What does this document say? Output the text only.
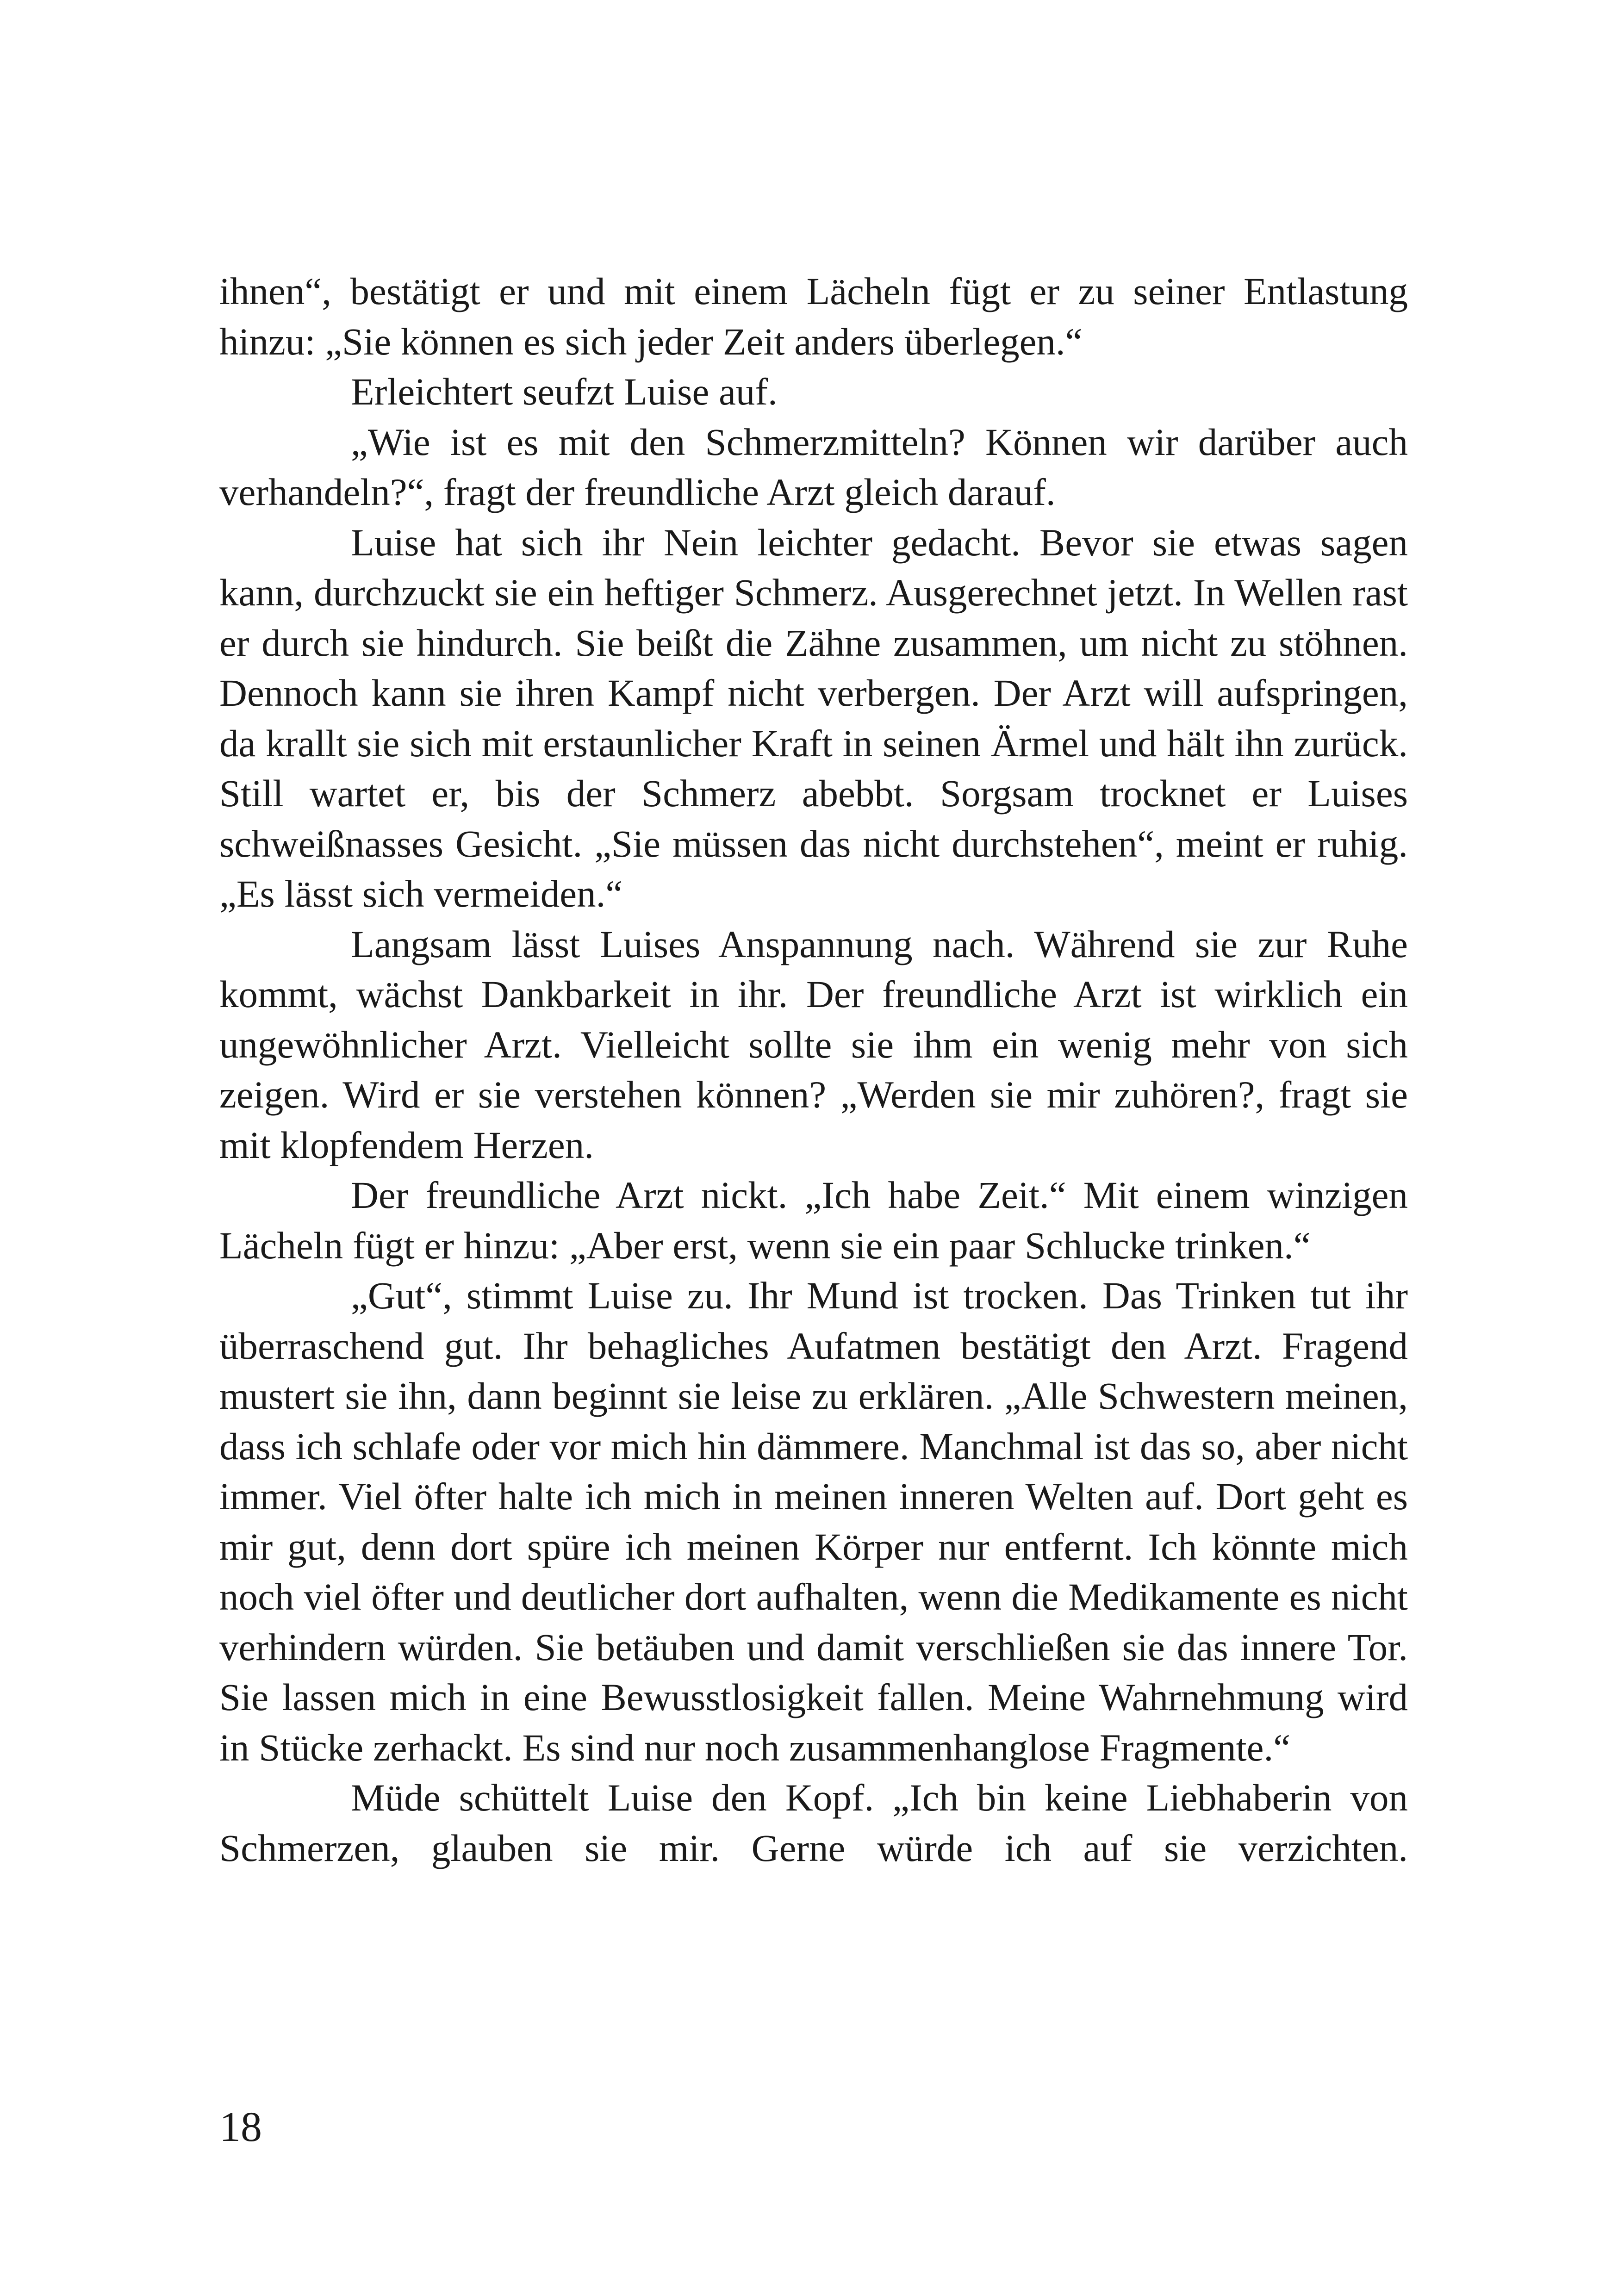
ihnen“, bestätigt er und mit einem Lächeln fügt er zu seiner Entlastung hinzu: „Sie können es sich jeder Zeit anders überlegen.“

Erleichtert seufzt Luise auf.

„Wie ist es mit den Schmerzmitteln? Können wir darüber auch verhandeln?“, fragt der freundliche Arzt gleich darauf.

Luise hat sich ihr Nein leichter gedacht. Bevor sie etwas sagen kann, durchzuckt sie ein heftiger Schmerz. Ausgerechnet jetzt. In Wellen rast er durch sie hindurch. Sie beißt die Zähne zusammen, um nicht zu stöhnen. Dennoch kann sie ihren Kampf nicht verbergen. Der Arzt will aufspringen, da krallt sie sich mit erstaunlicher Kraft in seinen Ärmel und hält ihn zurück. Still wartet er, bis der Schmerz abebbt. Sorgsam trocknet er Luises schweißnasses Gesicht. „Sie müssen das nicht durchstehen“, meint er ruhig. „Es lässt sich vermeiden.“

Langsam lässt Luises Anspannung nach. Während sie zur Ruhe kommt, wächst Dankbarkeit in ihr. Der freundliche Arzt ist wirklich ein ungewöhnlicher Arzt. Vielleicht sollte sie ihm ein wenig mehr von sich zeigen. Wird er sie verstehen können? „Werden sie mir zuhören?, fragt sie mit klopfendem Herzen.

Der freundliche Arzt nickt. „Ich habe Zeit.“ Mit einem winzigen Lächeln fügt er hinzu: „Aber erst, wenn sie ein paar Schlucke trinken.“

„Gut“, stimmt Luise zu. Ihr Mund ist trocken. Das Trinken tut ihr überraschend gut. Ihr behagliches Aufatmen bestätigt den Arzt. Fragend mustert sie ihn, dann beginnt sie leise zu erklären. „Alle Schwestern meinen, dass ich schlafe oder vor mich hin dämmere. Manchmal ist das so, aber nicht immer. Viel öfter halte ich mich in meinen inneren Welten auf. Dort geht es mir gut, denn dort spüre ich meinen Körper nur entfernt. Ich könnte mich noch viel öfter und deutlicher dort aufhalten, wenn die Medikamente es nicht verhindern würden. Sie betäuben und damit verschließen sie das innere Tor. Sie lassen mich in eine Bewusstlosigkeit fallen. Meine Wahrnehmung wird in Stücke zerhackt. Es sind nur noch zusammenhanglose Fragmente.“

Müde schüttelt Luise den Kopf. „Ich bin keine Liebhaberin von Schmerzen, glauben sie mir. Gerne würde ich auf sie verzichten.

18
